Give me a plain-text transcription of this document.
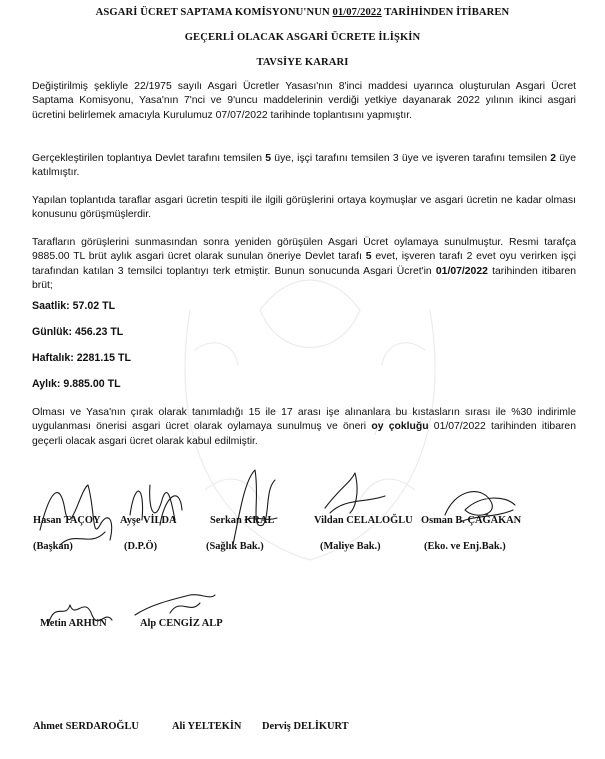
ASGARİ ÜCRET SAPTAMA KOMİSYONU'NUN 01/07/2022 TARİHİNDEN İTİBAREN
GEÇERLİ OLACAK ASGARİ ÜCRETE İLİŞKİN
TAVSİYE KARARI
Değiştirilmiş şekliyle 22/1975 sayılı Asgari Ücretler Yasası'nın 8'inci maddesi uyarınca oluşturulan Asgari Ücret Saptama Komisyonu, Yasa'nın 7'nci ve 9'uncu maddelerinin verdiği yetkiye dayanarak 2022 yılının ikinci asgari ücretini belirlemek amacıyla Kurulumuz 07/07/2022 tarihinde toplantısını yapmıştır.
Gerçekleştirilen toplantıya Devlet tarafını temsilen 5 üye, işçi tarafını temsilen 3 üye ve işveren tarafını temsilen 2 üye katılmıştır.
Yapılan toplantıda taraflar asgari ücretin tespiti ile ilgili görüşlerini ortaya koymuşlar ve asgari ücretin ne kadar olması konusunu görüşmüşlerdir.
Tarafların görüşlerini sunmasından sonra yeniden görüşülen Asgari Ücret oylamaya sunulmuştur. Resmi tarafça 9885.00 TL brüt aylık asgari ücret olarak sunulan öneriye Devlet tarafı 5 evet, işveren tarafı 2 evet oyu verirken işçi tarafından katılan 3 temsilci toplantıyı terk etmiştir. Bunun sonucunda Asgari Ücret'in 01/07/2022 tarihinden itibaren brüt;
Saatlik: 57.02 TL
Günlük: 456.23 TL
Haftalık: 2281.15 TL
Aylık: 9.885.00 TL
Olması ve Yasa'nın çırak olarak tanımladığı 15 ile 17 arası işe alınanlara bu kıstasların sırası ile %30 indirimle uygulanması önerisi asgari ücret olarak oylamaya sunulmuş ve öneri oy çokluğu 01/07/2022 tarihinden itibaren geçerli olacak asgari ücret olarak kabul edilmiştir.
Hasan TAÇOY
(Başkan)
Ayşe VİLDA
(D.P.Ö)
Serkan KRAL
(Sağlık Bak.)
Vildan CELALOĞLU
(Maliye Bak.)
Osman B. ÇAĞAKAN
(Eko. ve Enj.Bak.)
Metin ARHUN	Alp CENGİZ ALP
Ahmet SERDAROĞLU	Ali YELTEKİN Derviş DELİKURT
